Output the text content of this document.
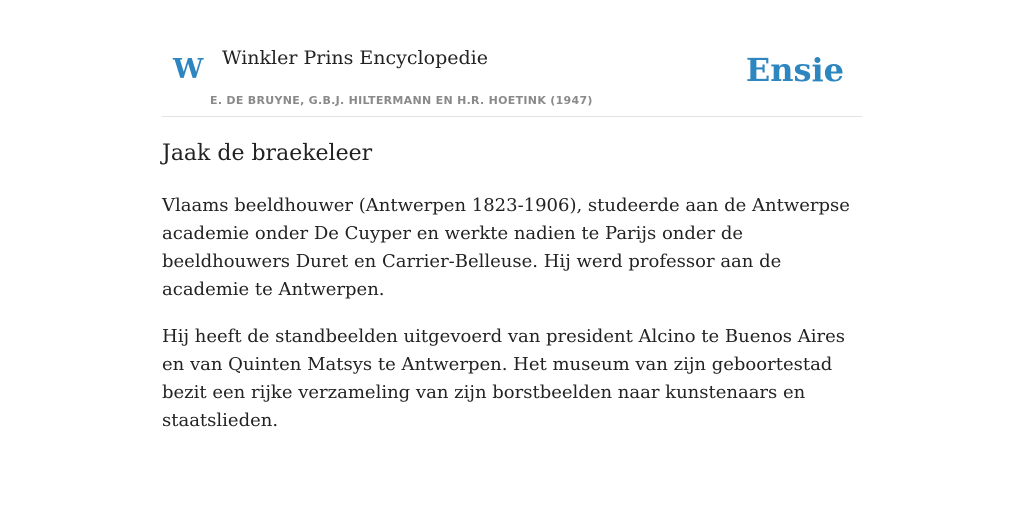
W Winkler Prins Encyclopedie
E. DE BRUYNE, G.B.J. HILTERMANN EN H.R. HOETINK (1947)
Ensie
Jaak de braekeleer

Vlaams beeldhouwer (Antwerpen 1823-1906), studeerde aan de Antwerpse academie onder De Cuyper en werkte nadien te Parijs onder de beeldhouwers Duret en Carrier-Belleuse. Hij werd professor aan de academie te Antwerpen.

Hij heeft de standbeelden uitgevoerd van president Alcino te Buenos Aires en van Quinten Matsys te Antwerpen. Het museum van zijn geboortestad bezit een rijke verzameling van zijn borstbeelden naar kunstenaars en staatslieden.
